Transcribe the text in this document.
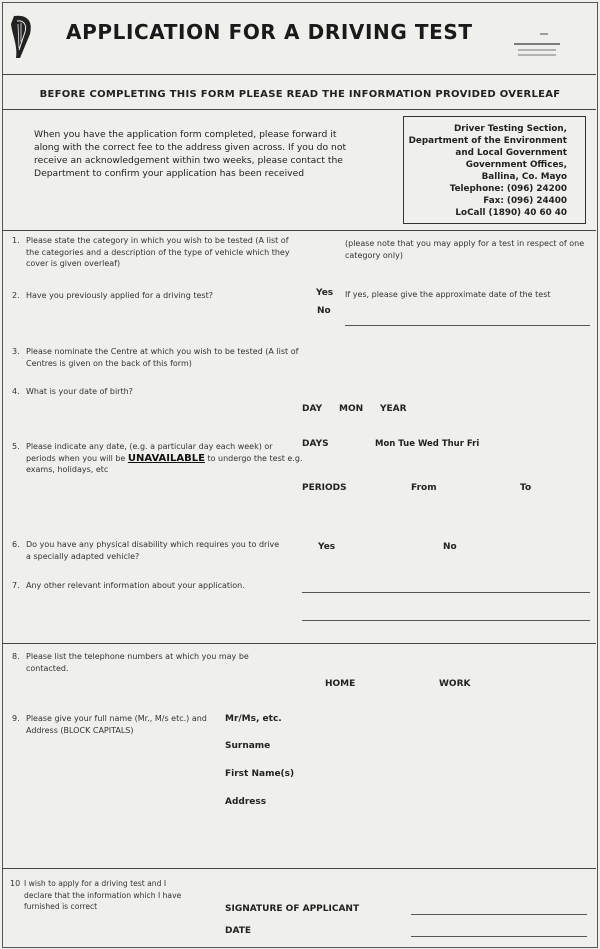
APPLICATION FOR A DRIVING TEST
BEFORE COMPLETING THIS FORM PLEASE READ THE INFORMATION PROVIDED OVERLEAF
When you have the application form completed, please forward it along with the correct fee to the address given across. If you do not receive an acknowledgement within two weeks, please contact the Department to confirm your application has been received
Driver Testing Section,
Department of the Environment
and Local Government
Government Offices,
Ballina, Co. Mayo
Telephone: (096) 24200
Fax: (096) 24400
LoCall (1890) 40 60 40
1. Please state the category in which you wish to be tested (A list of the categories and a description of the type of vehicle which they cover is given overleaf)
(please note that you may apply for a test in respect of one category only)
2. Have you previously applied for a driving test?	Yes
No
If yes, please give the approximate date of the test
3. Please nominate the Centre at which you wish to be tested (A list of Centres is given on the back of this form)
4. What is your date of birth?
DAY MON YEAR
5. Please indicate any date, (e.g. a particular day each week) or periods when you will be UNAVAILABLE to undergo the test e.g. exams, holidays, etc
DAYS	Mon Tue Wed Thur Fri
PERIODS	From	To
6. Do you have any physical disability which requires you to drive a specially adapted vehicle?
Yes	No
7. Any other relevant information about your application.
8. Please list the telephone numbers at which you may be contacted.
HOME	WORK
9. Please give your full name (Mr., M/s etc.) and Address (BLOCK CAPITALS)
Mr/Ms, etc.
Surname
First Name(s)
Address
10 I wish to apply for a driving test and I declare that the information which I have furnished is correct	SIGNATURE OF APPLICANT
DATE
